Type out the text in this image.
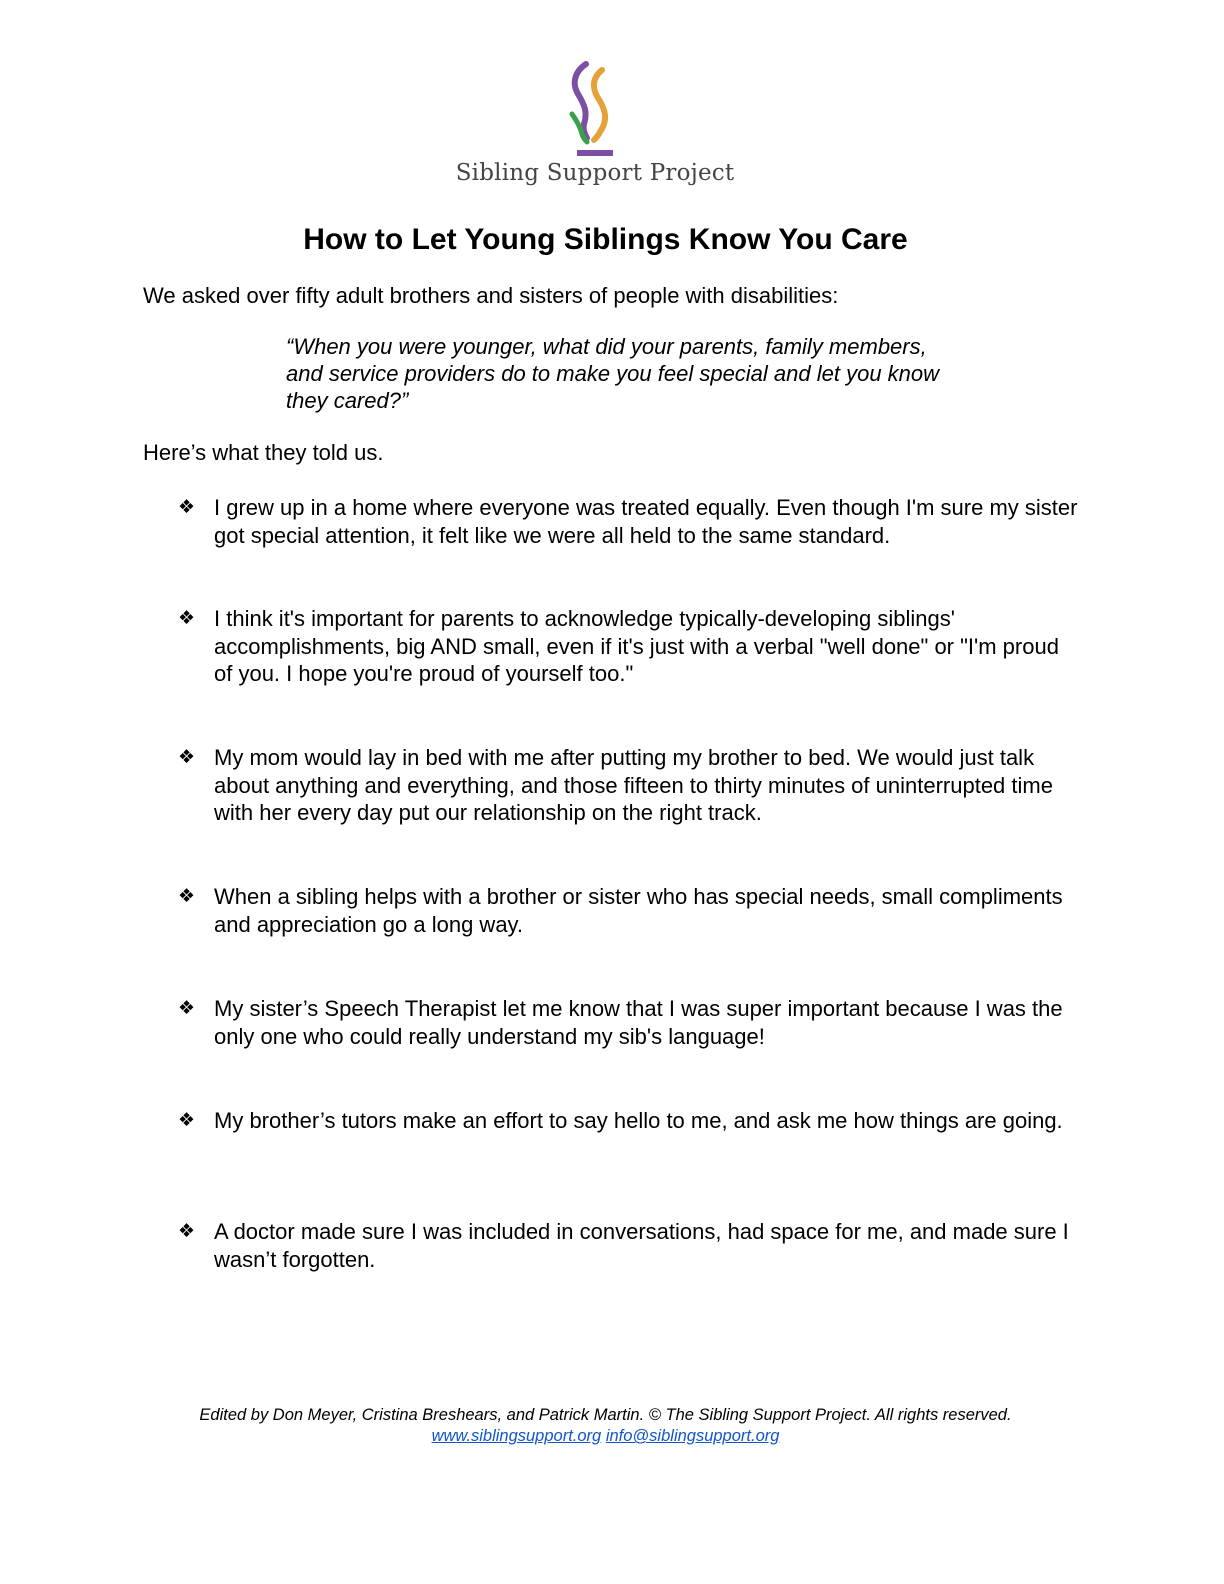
Sibling Support Project
How to Let Young Siblings Know You Care

We asked over fifty adult brothers and sisters of people with disabilities:

“When you were younger, what did your parents, family members, and service providers do to make you feel special and let you know they cared?”

Here’s what they told us.

❖ I grew up in a home where everyone was treated equally. Even though I'm sure my sister got special attention, it felt like we were all held to the same standard.
❖ I think it's important for parents to acknowledge typically-developing siblings' accomplishments, big AND small, even if it's just with a verbal "well done" or "I'm proud of you. I hope you're proud of yourself too."
❖ My mom would lay in bed with me after putting my brother to bed. We would just talk about anything and everything, and those fifteen to thirty minutes of uninterrupted time with her every day put our relationship on the right track.
❖ When a sibling helps with a brother or sister who has special needs, small compliments and appreciation go a long way.
❖ My sister’s Speech Therapist let me know that I was super important because I was the only one who could really understand my sib's language!
❖ My brother’s tutors make an effort to say hello to me, and ask me how things are going.
❖ A doctor made sure I was included in conversations, had space for me, and made sure I wasn’t forgotten.
Edited by Don Meyer, Cristina Breshears, and Patrick Martin. © The Sibling Support Project. All rights reserved.
www.siblingsupport.org info@siblingsupport.org
